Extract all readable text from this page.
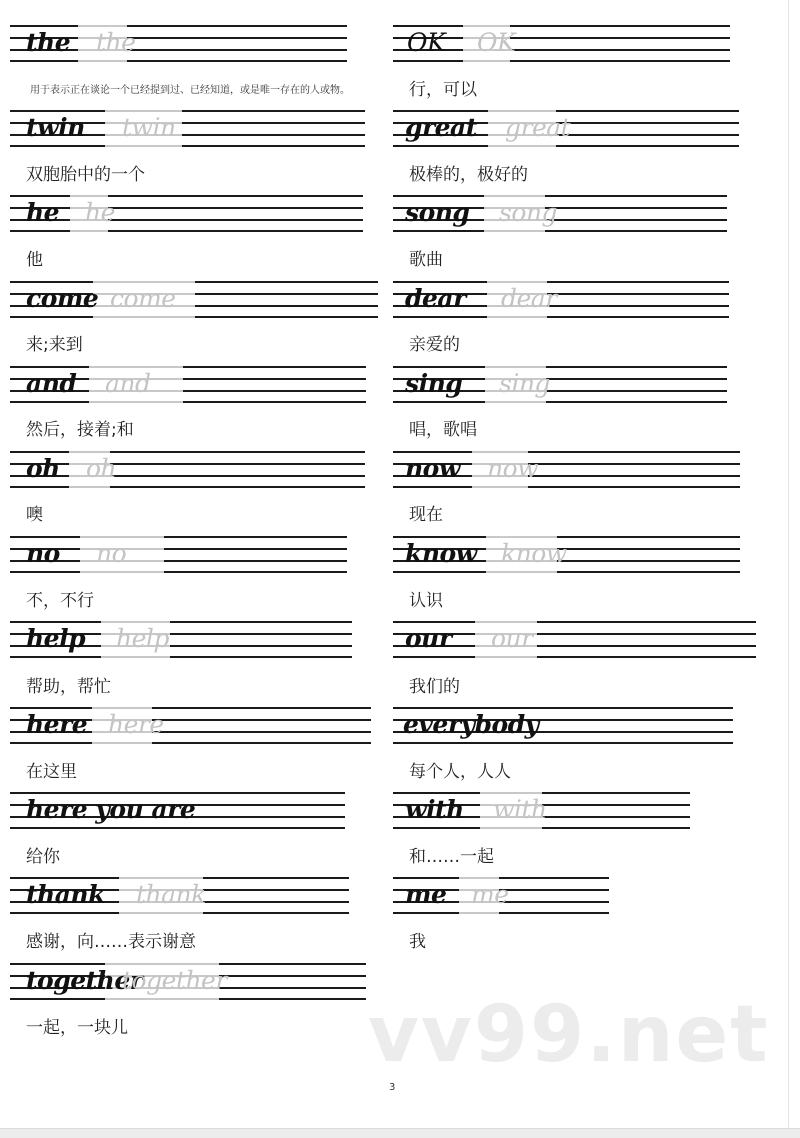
the the
用于表示正在谈论一个已经提到过、已经知道，或是唯一存在的人或物。
twin twin
双胞胎中的一个
he he
他
come come
来;来到
and and
然后，接着;和
oh oh
噢
no no
不，不行
help help
帮助，帮忙
here here
在这里
here you are
给你
thank thank
感谢，向……表示谢意
together
together
一起，一块儿
OK OK
行，可以
great great
极棒的，极好的
song song
歌曲
dear dear
亲爱的
sing sing
唱，歌唱
now now
现在
know know
认识
our our
我们的
everybody
每个人，人人
with with
和……一起
me me
我
vv99.net
3
